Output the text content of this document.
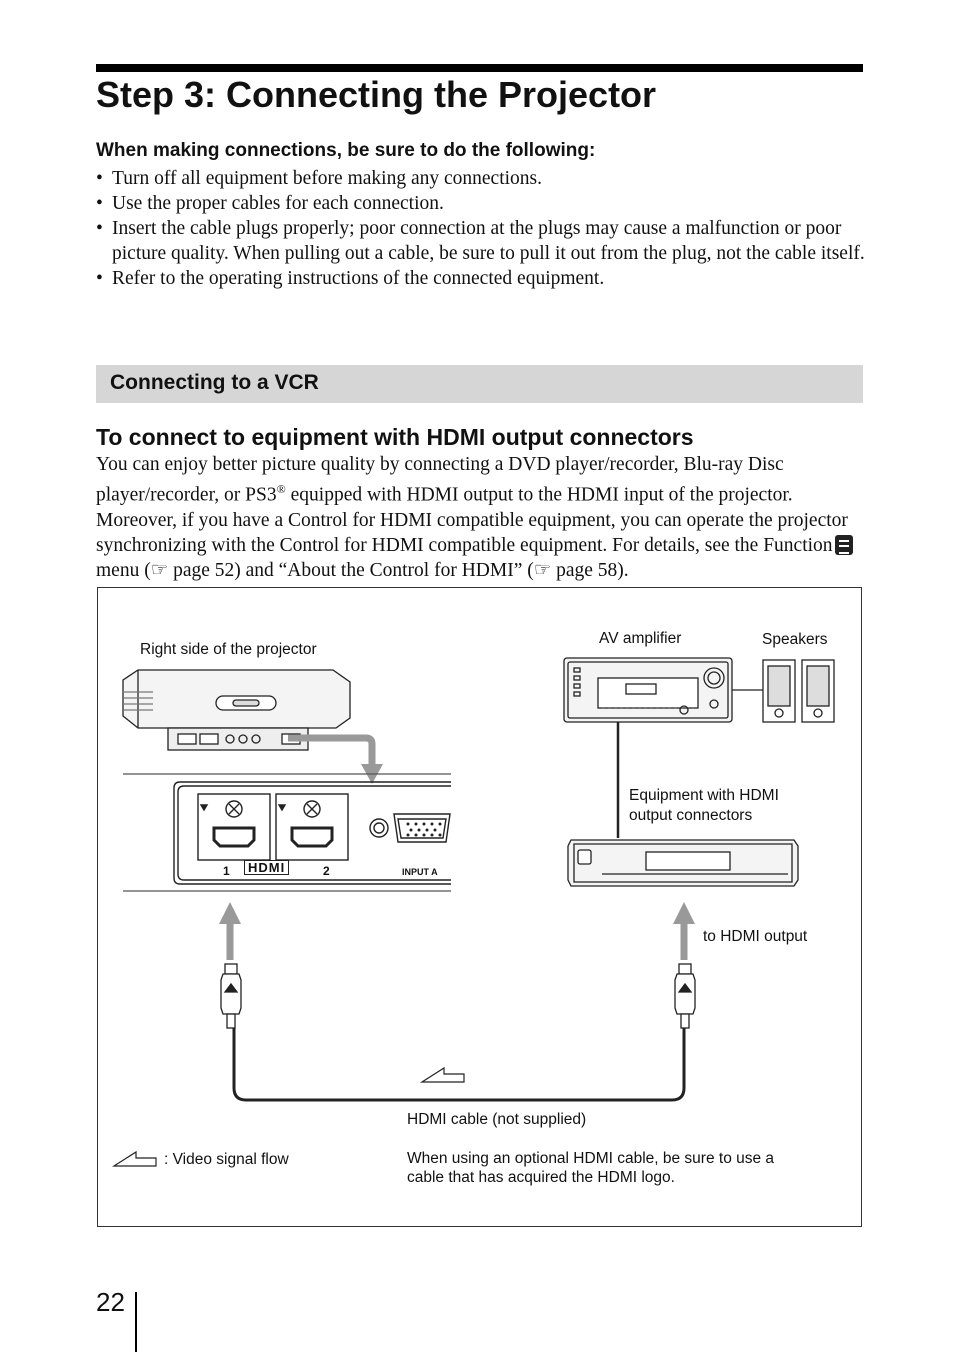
Step 3: Connecting the Projector

When making connections, be sure to do the following:

• Turn off all equipment before making any connections.
• Use the proper cables for each connection.
• Insert the cable plugs properly; poor connection at the plugs may cause a malfunction or poor picture quality. When pulling out a cable, be sure to pull it out from the plug, not the cable itself.
• Refer to the operating instructions of the connected equipment.
Connecting to a VCR
To connect to equipment with HDMI output connectors

You can enjoy better picture quality by connecting a DVD player/recorder, Blu-ray Disc player/recorder, or PS3® equipped with HDMI output to the HDMI input of the projector. Moreover, if you have a Control for HDMI compatible equipment, you can operate the projector synchronizing with the Control for HDMI compatible equipment. For details, see the Function menu (☞ page 52) and “About the Control for HDMI” (☞ page 58).

Right side of the projector
AV amplifier	Speakers
Equipment with HDMI output connectors
to HDMI output
HDMI cable (not supplied)
: Video signal flow	When using an optional HDMI cable, be sure to use a cable that has acquired the HDMI logo.
1	HDMI	2	INPUT A
22
